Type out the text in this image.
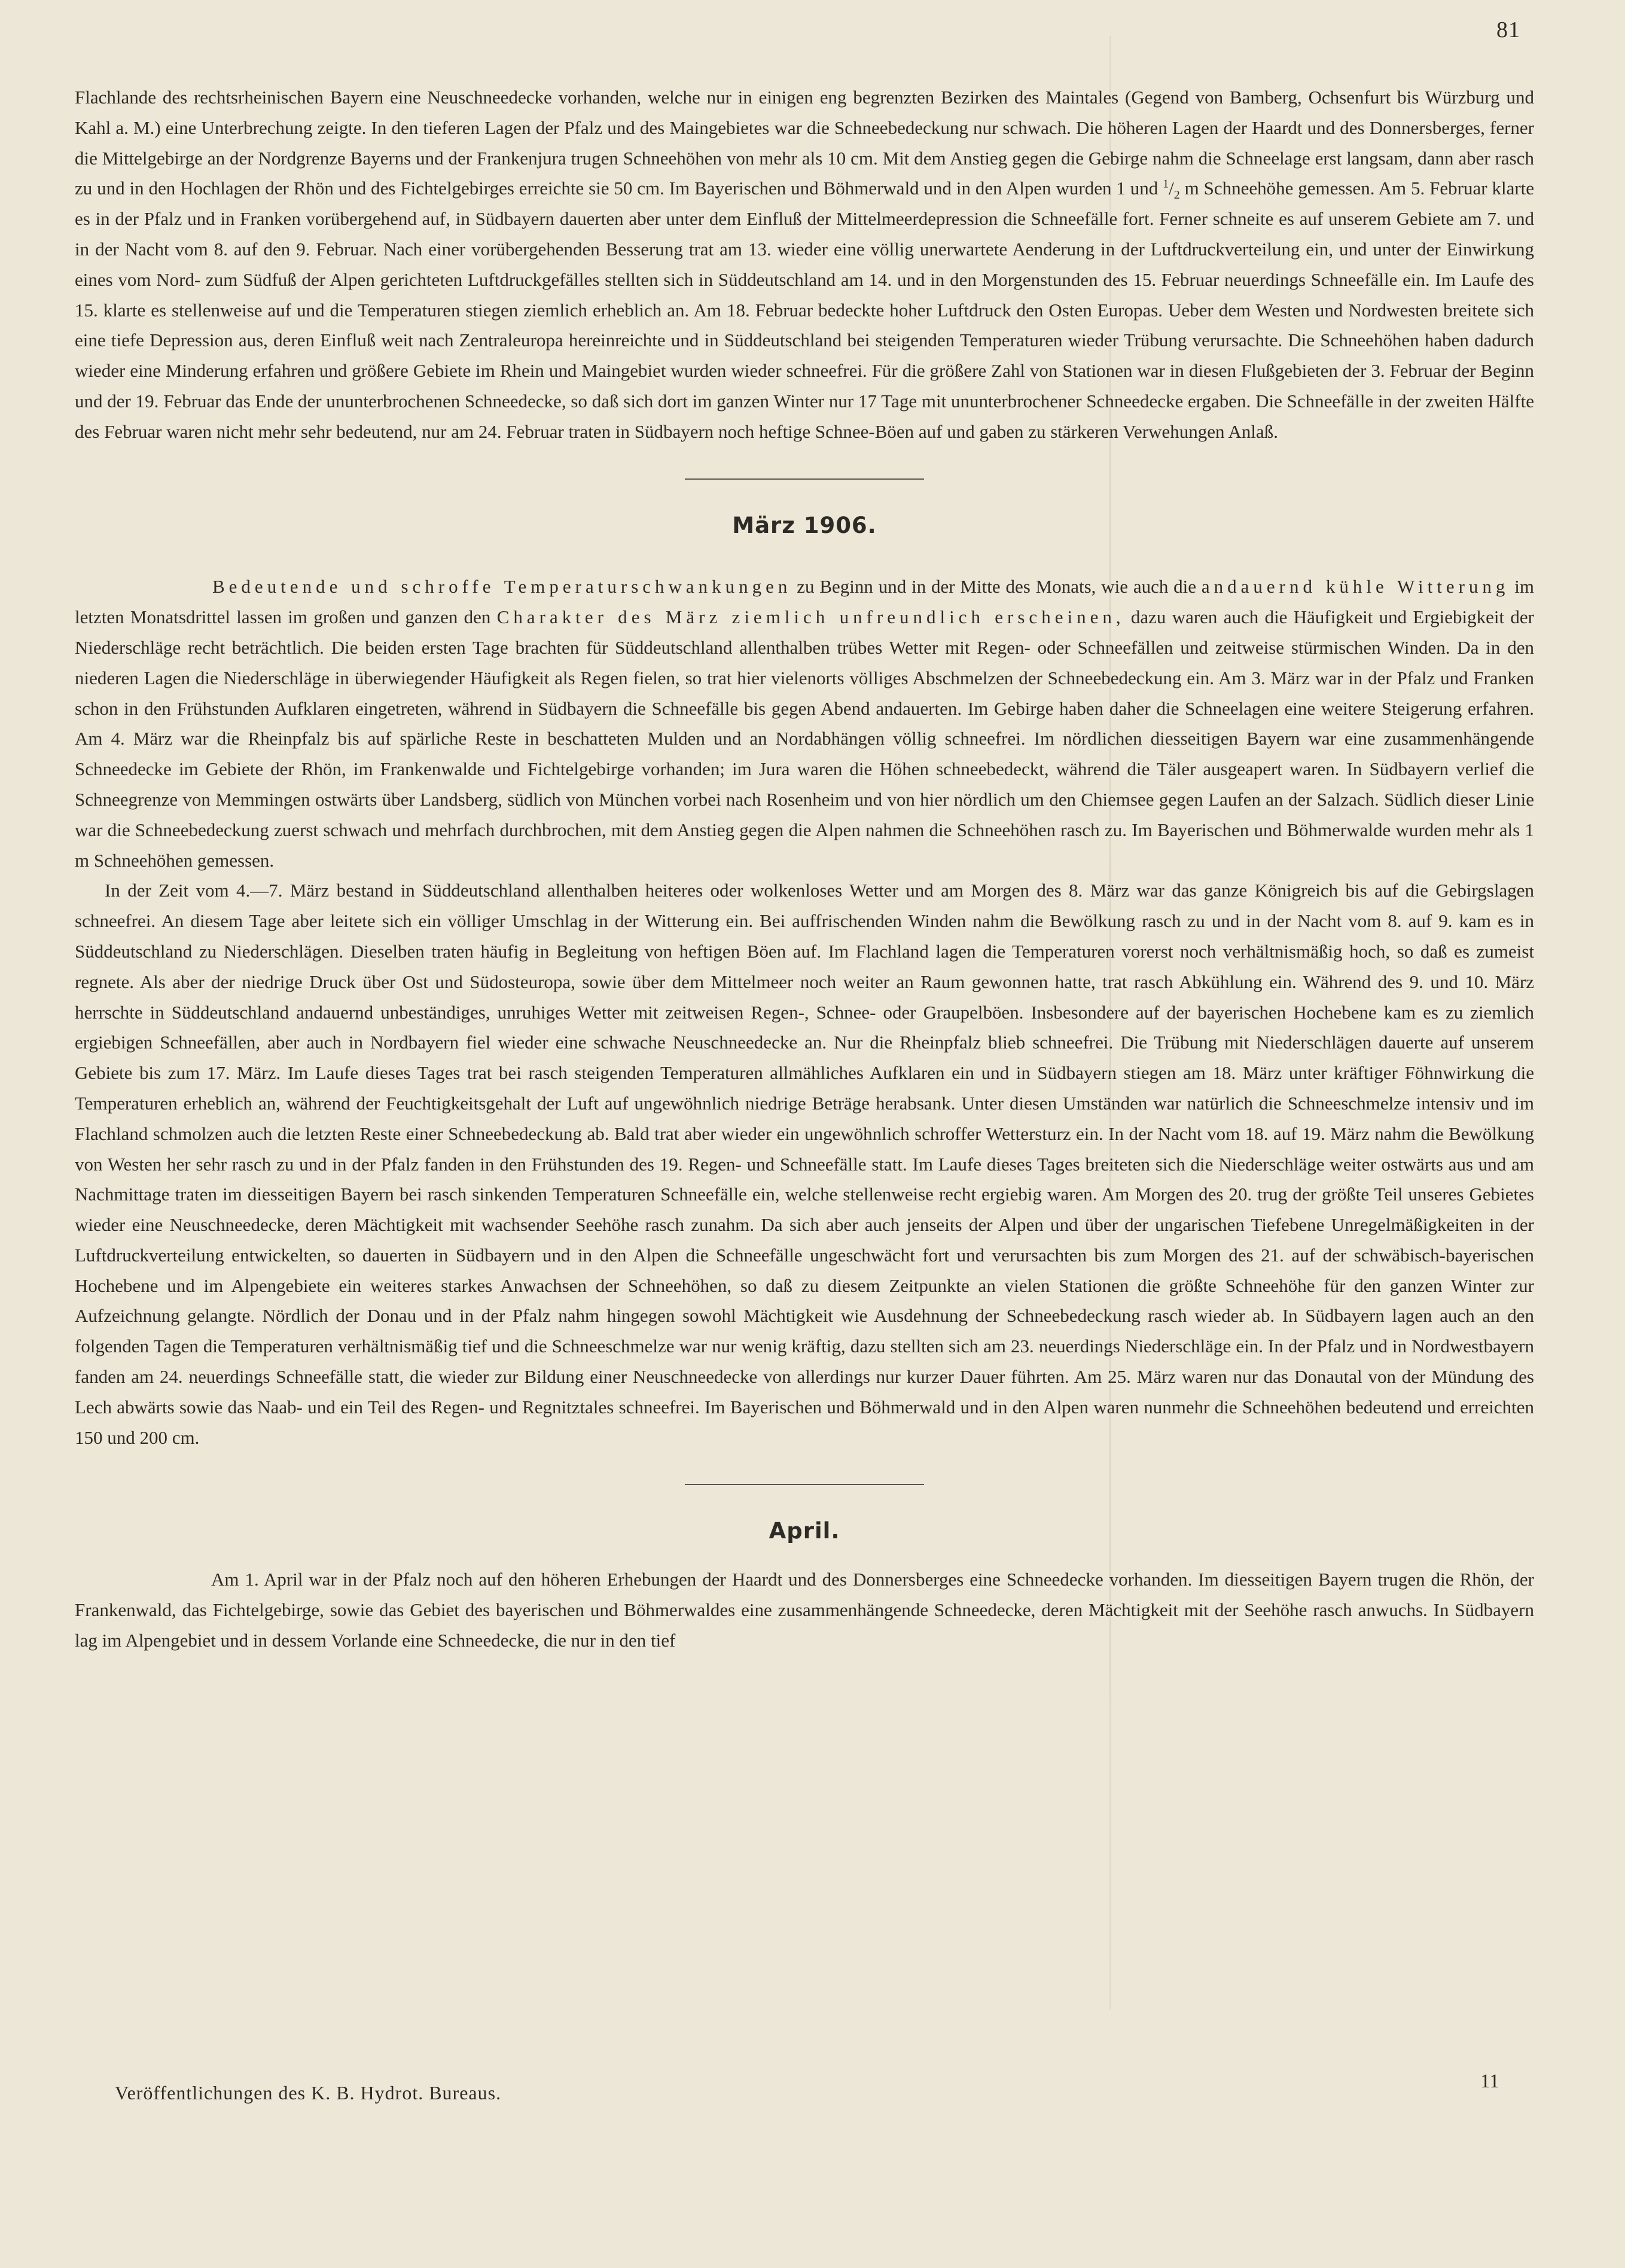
81

Flachlande des rechtsrheinischen Bayern eine Neuschneedecke vorhanden, welche nur in einigen eng begrenzten Bezirken des Maintales (Gegend von Bamberg, Ochsenfurt bis Würzburg und Kahl a. M.) eine Unterbrechung zeigte. In den tieferen Lagen der Pfalz und des Maingebietes war die Schneebedeckung nur schwach. Die höheren Lagen der Haardt und des Donnersberges, ferner die Mittelgebirge an der Nordgrenze Bayerns und der Frankenjura trugen Schneehöhen von mehr als 10 cm. Mit dem Anstieg gegen die Gebirge nahm die Schneelage erst langsam, dann aber rasch zu und in den Hochlagen der Rhön und des Fichtelgebirges erreichte sie 50 cm. Im Bayerischen und Böhmerwald und in den Alpen wurden 1 und $^1/_2$ m Schneehöhe gemessen. Am 5. Februar klarte es in der Pfalz und in Franken vorübergehend auf, in Südbayern dauerten aber unter dem Einfluß der Mittelmeerdepression die Schneefälle fort. Ferner schneite es auf unserem Gebiete am 7. und in der Nacht vom 8. auf den 9. Februar. Nach einer vorübergehenden Besserung trat am 13. wieder eine völlig unerwartete Aenderung in der Luftdruckverteilung ein, und unter der Einwirkung eines vom Nord- zum Südfuß der Alpen gerichteten Luftdruckgefälles stellten sich in Süddeutschland am 14. und in den Morgenstunden des 15. Februar neuerdings Schneefälle ein. Im Laufe des 15. klarte es stellenweise auf und die Temperaturen stiegen ziemlich erheblich an. Am 18. Februar bedeckte hoher Luftdruck den Osten Europas. Ueber dem Westen und Nordwesten breitete sich eine tiefe Depression aus, deren Einfluß weit nach Zentraleuropa hereinreichte und in Süddeutschland bei steigenden Temperaturen wieder Trübung verursachte. Die Schneehöhen haben dadurch wieder eine Minderung erfahren und größere Gebiete im Rhein und Maingebiet wurden wieder schneefrei. Für die größere Zahl von Stationen war in diesen Flußgebieten der 3. Februar der Beginn und der 19. Februar das Ende der ununterbrochenen Schneedecke, so daß sich dort im ganzen Winter nur 17 Tage mit ununterbrochener Schneedecke ergaben. Die Schneefälle in der zweiten Hälfte des Februar waren nicht mehr sehr bedeutend, nur am 24. Februar traten in Südbayern noch heftige Schnee-Böen auf und gaben zu stärkeren Verwehungen Anlaß.

März 1906.

Bedeutende und schroffe Temperaturschwankungen zu Beginn und in der Mitte des Monats, wie auch die andauernd kühle Witterung im letzten Monatsdrittel lassen im großen und ganzen den Charakter des März ziemlich unfreundlich erscheinen, dazu waren auch die Häufigkeit und Ergiebigkeit der Niederschläge recht beträchtlich. Die beiden ersten Tage brachten für Süddeutschland allenthalben trübes Wetter mit Regen- oder Schneefällen und zeitweise stürmischen Winden. Da in den niederen Lagen die Niederschläge in überwiegender Häufigkeit als Regen fielen, so trat hier vielenorts völliges Abschmelzen der Schneebedeckung ein. Am 3. März war in der Pfalz und Franken schon in den Frühstunden Aufklaren eingetreten, während in Südbayern die Schneefälle bis gegen Abend andauerten. Im Gebirge haben daher die Schneelagen eine weitere Steigerung erfahren. Am 4. März war die Rheinpfalz bis auf spärliche Reste in beschatteten Mulden und an Nordabhängen völlig schneefrei. Im nördlichen diesseitigen Bayern war eine zusammenhängende Schneedecke im Gebiete der Rhön, im Frankenwalde und Fichtelgebirge vorhanden; im Jura waren die Höhen schneebedeckt, während die Täler ausgeapert waren. In Südbayern verlief die Schneegrenze von Memmingen ostwärts über Landsberg, südlich von München vorbei nach Rosenheim und von hier nördlich um den Chiemsee gegen Laufen an der Salzach. Südlich dieser Linie war die Schneebedeckung zuerst schwach und mehrfach durchbrochen, mit dem Anstieg gegen die Alpen nahmen die Schneehöhen rasch zu. Im Bayerischen und Böhmerwalde wurden mehr als 1 m Schneehöhen gemessen.

In der Zeit vom 4.—7. März bestand in Süddeutschland allenthalben heiteres oder wolkenloses Wetter und am Morgen des 8. März war das ganze Königreich bis auf die Gebirgslagen schneefrei. An diesem Tage aber leitete sich ein völliger Umschlag in der Witterung ein. Bei auffrischenden Winden nahm die Bewölkung rasch zu und in der Nacht vom 8. auf 9. kam es in Süddeutschland zu Niederschlägen. Dieselben traten häufig in Begleitung von heftigen Böen auf. Im Flachland lagen die Temperaturen vorerst noch verhältnismäßig hoch, so daß es zumeist regnete. Als aber der niedrige Druck über Ost und Südosteuropa, sowie über dem Mittelmeer noch weiter an Raum gewonnen hatte, trat rasch Abkühlung ein. Während des 9. und 10. März herrschte in Süddeutschland andauernd unbeständiges, unruhiges Wetter mit zeitweisen Regen-, Schnee- oder Graupelböen. Insbesondere auf der bayerischen Hochebene kam es zu ziemlich ergiebigen Schneefällen, aber auch in Nordbayern fiel wieder eine schwache Neuschneedecke an. Nur die Rheinpfalz blieb schneefrei. Die Trübung mit Niederschlägen dauerte auf unserem Gebiete bis zum 17. März. Im Laufe dieses Tages trat bei rasch steigenden Temperaturen allmähliches Aufklaren ein und in Südbayern stiegen am 18. März unter kräftiger Föhnwirkung die Temperaturen erheblich an, während der Feuchtigkeitsgehalt der Luft auf ungewöhnlich niedrige Beträge herabsank. Unter diesen Umständen war natürlich die Schneeschmelze intensiv und im Flachland schmolzen auch die letzten Reste einer Schneebedeckung ab. Bald trat aber wieder ein ungewöhnlich schroffer Wettersturz ein. In der Nacht vom 18. auf 19. März nahm die Bewölkung von Westen her sehr rasch zu und in der Pfalz fanden in den Frühstunden des 19. Regen- und Schneefälle statt. Im Laufe dieses Tages breiteten sich die Niederschläge weiter ostwärts aus und am Nachmittage traten im diesseitigen Bayern bei rasch sinkenden Temperaturen Schneefälle ein, welche stellenweise recht ergiebig waren. Am Morgen des 20. trug der größte Teil unseres Gebietes wieder eine Neuschneedecke, deren Mächtigkeit mit wachsender Seehöhe rasch zunahm. Da sich aber auch jenseits der Alpen und über der ungarischen Tiefebene Unregelmäßigkeiten in der Luftdruckverteilung entwickelten, so dauerten in Südbayern und in den Alpen die Schneefälle ungeschwächt fort und verursachten bis zum Morgen des 21. auf der schwäbisch-bayerischen Hochebene und im Alpengebiete ein weiteres starkes Anwachsen der Schneehöhen, so daß zu diesem Zeitpunkte an vielen Stationen die größte Schneehöhe für den ganzen Winter zur Aufzeichnung gelangte. Nördlich der Donau und in der Pfalz nahm hingegen sowohl Mächtigkeit wie Ausdehnung der Schneebedeckung rasch wieder ab. In Südbayern lagen auch an den folgenden Tagen die Temperaturen verhältnismäßig tief und die Schneeschmelze war nur wenig kräftig, dazu stellten sich am 23. neuerdings Niederschläge ein. In der Pfalz und in Nordwestbayern fanden am 24. neuerdings Schneefälle statt, die wieder zur Bildung einer Neuschneedecke von allerdings nur kurzer Dauer führten. Am 25. März waren nur das Donautal von der Mündung des Lech abwärts sowie das Naab- und ein Teil des Regen- und Regnitztales schneefrei. Im Bayerischen und Böhmerwald und in den Alpen waren nunmehr die Schneehöhen bedeutend und erreichten 150 und 200 cm.

April.

Am 1. April war in der Pfalz noch auf den höheren Erhebungen der Haardt und des Donnersberges eine Schneedecke vorhanden. Im diesseitigen Bayern trugen die Rhön, der Frankenwald, das Fichtelgebirge, sowie das Gebiet des bayerischen und Böhmerwaldes eine zusammenhängende Schneedecke, deren Mächtigkeit mit der Seehöhe rasch anwuchs. In Südbayern lag im Alpengebiet und in dessem Vorlande eine Schneedecke, die nur in den tief

Veröffentlichungen des K. B. Hydrot. Bureaus.
11
